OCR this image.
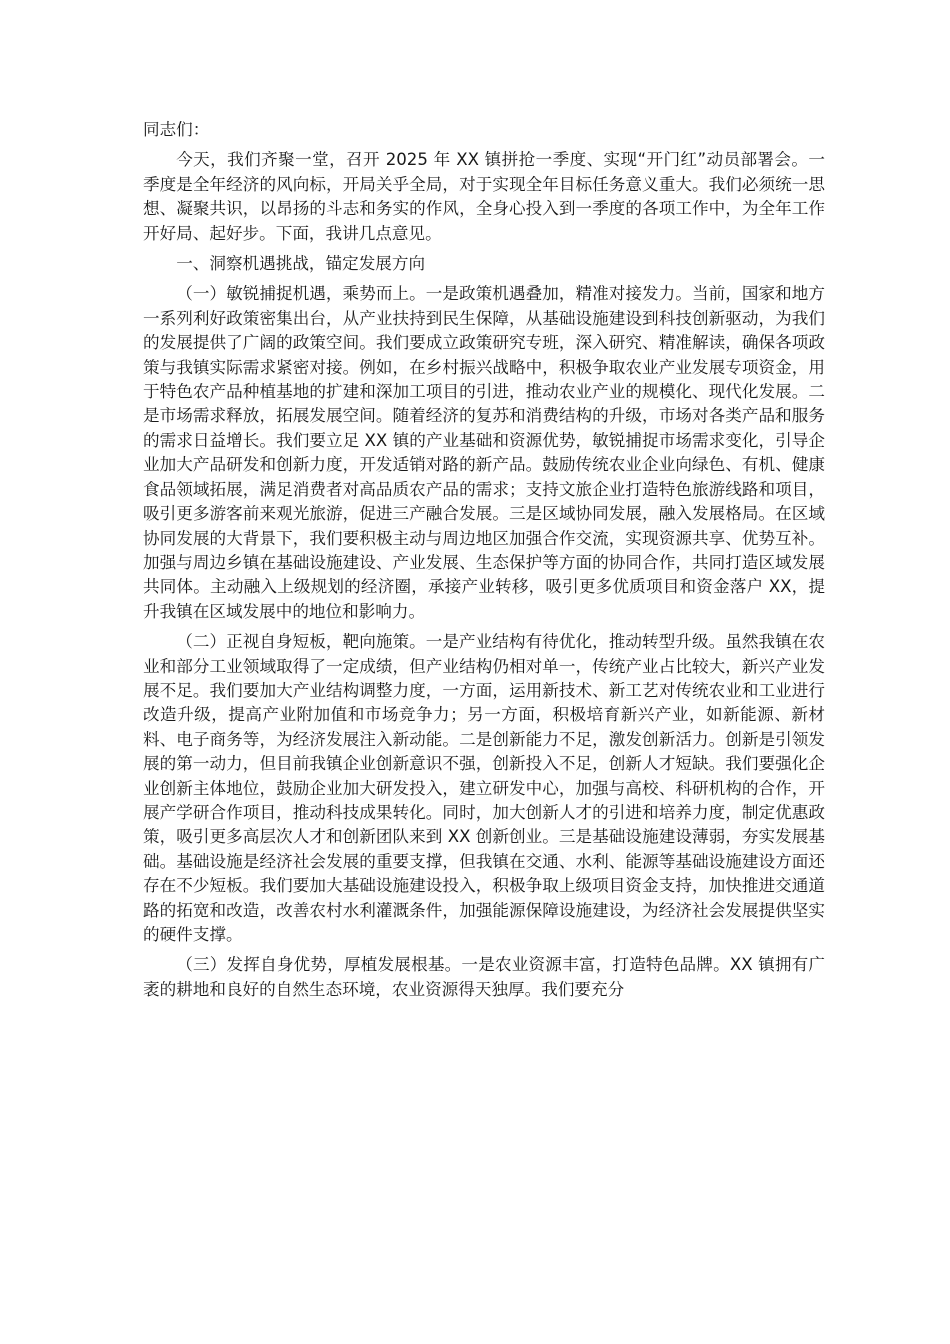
同志们：

今天，我们齐聚一堂，召开 2025 年 XX 镇拼抢一季度、实现“开门红”动员部署会。一季度是全年经济的风向标，开局关乎全局，对于实现全年目标任务意义重大。我们必须统一思想、凝聚共识，以昂扬的斗志和务实的作风，全身心投入到一季度的各项工作中，为全年工作开好局、起好步。下面，我讲几点意见。

一、洞察机遇挑战，锚定发展方向

（一）敏锐捕捉机遇，乘势而上。一是政策机遇叠加，精准对接发力。当前，国家和地方一系列利好政策密集出台，从产业扶持到民生保障，从基础设施建设到科技创新驱动，为我们的发展提供了广阔的政策空间。我们要成立政策研究专班，深入研究、精准解读，确保各项政策与我镇实际需求紧密对接。例如，在乡村振兴战略中，积极争取农业产业发展专项资金，用于特色农产品种植基地的扩建和深加工项目的引进，推动农业产业的规模化、现代化发展。二是市场需求释放，拓展发展空间。随着经济的复苏和消费结构的升级，市场对各类产品和服务的需求日益增长。我们要立足 XX 镇的产业基础和资源优势，敏锐捕捉市场需求变化，引导企业加大产品研发和创新力度，开发适销对路的新产品。鼓励传统农业企业向绿色、有机、健康食品领域拓展，满足消费者对高品质农产品的需求；支持文旅企业打造特色旅游线路和项目，吸引更多游客前来观光旅游，促进三产融合发展。三是区域协同发展，融入发展格局。在区域协同发展的大背景下，我们要积极主动与周边地区加强合作交流，实现资源共享、优势互补。加强与周边乡镇在基础设施建设、产业发展、生态保护等方面的协同合作，共同打造区域发展共同体。主动融入上级规划的经济圈，承接产业转移，吸引更多优质项目和资金落户 XX，提升我镇在区域发展中的地位和影响力。

（二）正视自身短板，靶向施策。一是产业结构有待优化，推动转型升级。虽然我镇在农业和部分工业领域取得了一定成绩，但产业结构仍相对单一，传统产业占比较大，新兴产业发展不足。我们要加大产业结构调整力度，一方面，运用新技术、新工艺对传统农业和工业进行改造升级，提高产业附加值和市场竞争力；另一方面，积极培育新兴产业，如新能源、新材料、电子商务等，为经济发展注入新动能。二是创新能力不足，激发创新活力。创新是引领发展的第一动力，但目前我镇企业创新意识不强，创新投入不足，创新人才短缺。我们要强化企业创新主体地位，鼓励企业加大研发投入，建立研发中心，加强与高校、科研机构的合作，开展产学研合作项目，推动科技成果转化。同时，加大创新人才的引进和培养力度，制定优惠政策，吸引更多高层次人才和创新团队来到 XX 创新创业。三是基础设施建设薄弱，夯实发展基础。基础设施是经济社会发展的重要支撑，但我镇在交通、水利、能源等基础设施建设方面还存在不少短板。我们要加大基础设施建设投入，积极争取上级项目资金支持，加快推进交通道路的拓宽和改造，改善农村水利灌溉条件，加强能源保障设施建设，为经济社会发展提供坚实的硬件支撑。

（三）发挥自身优势，厚植发展根基。一是农业资源丰富，打造特色品牌。XX 镇拥有广袤的耕地和良好的自然生态环境，农业资源得天独厚。我们要充分
